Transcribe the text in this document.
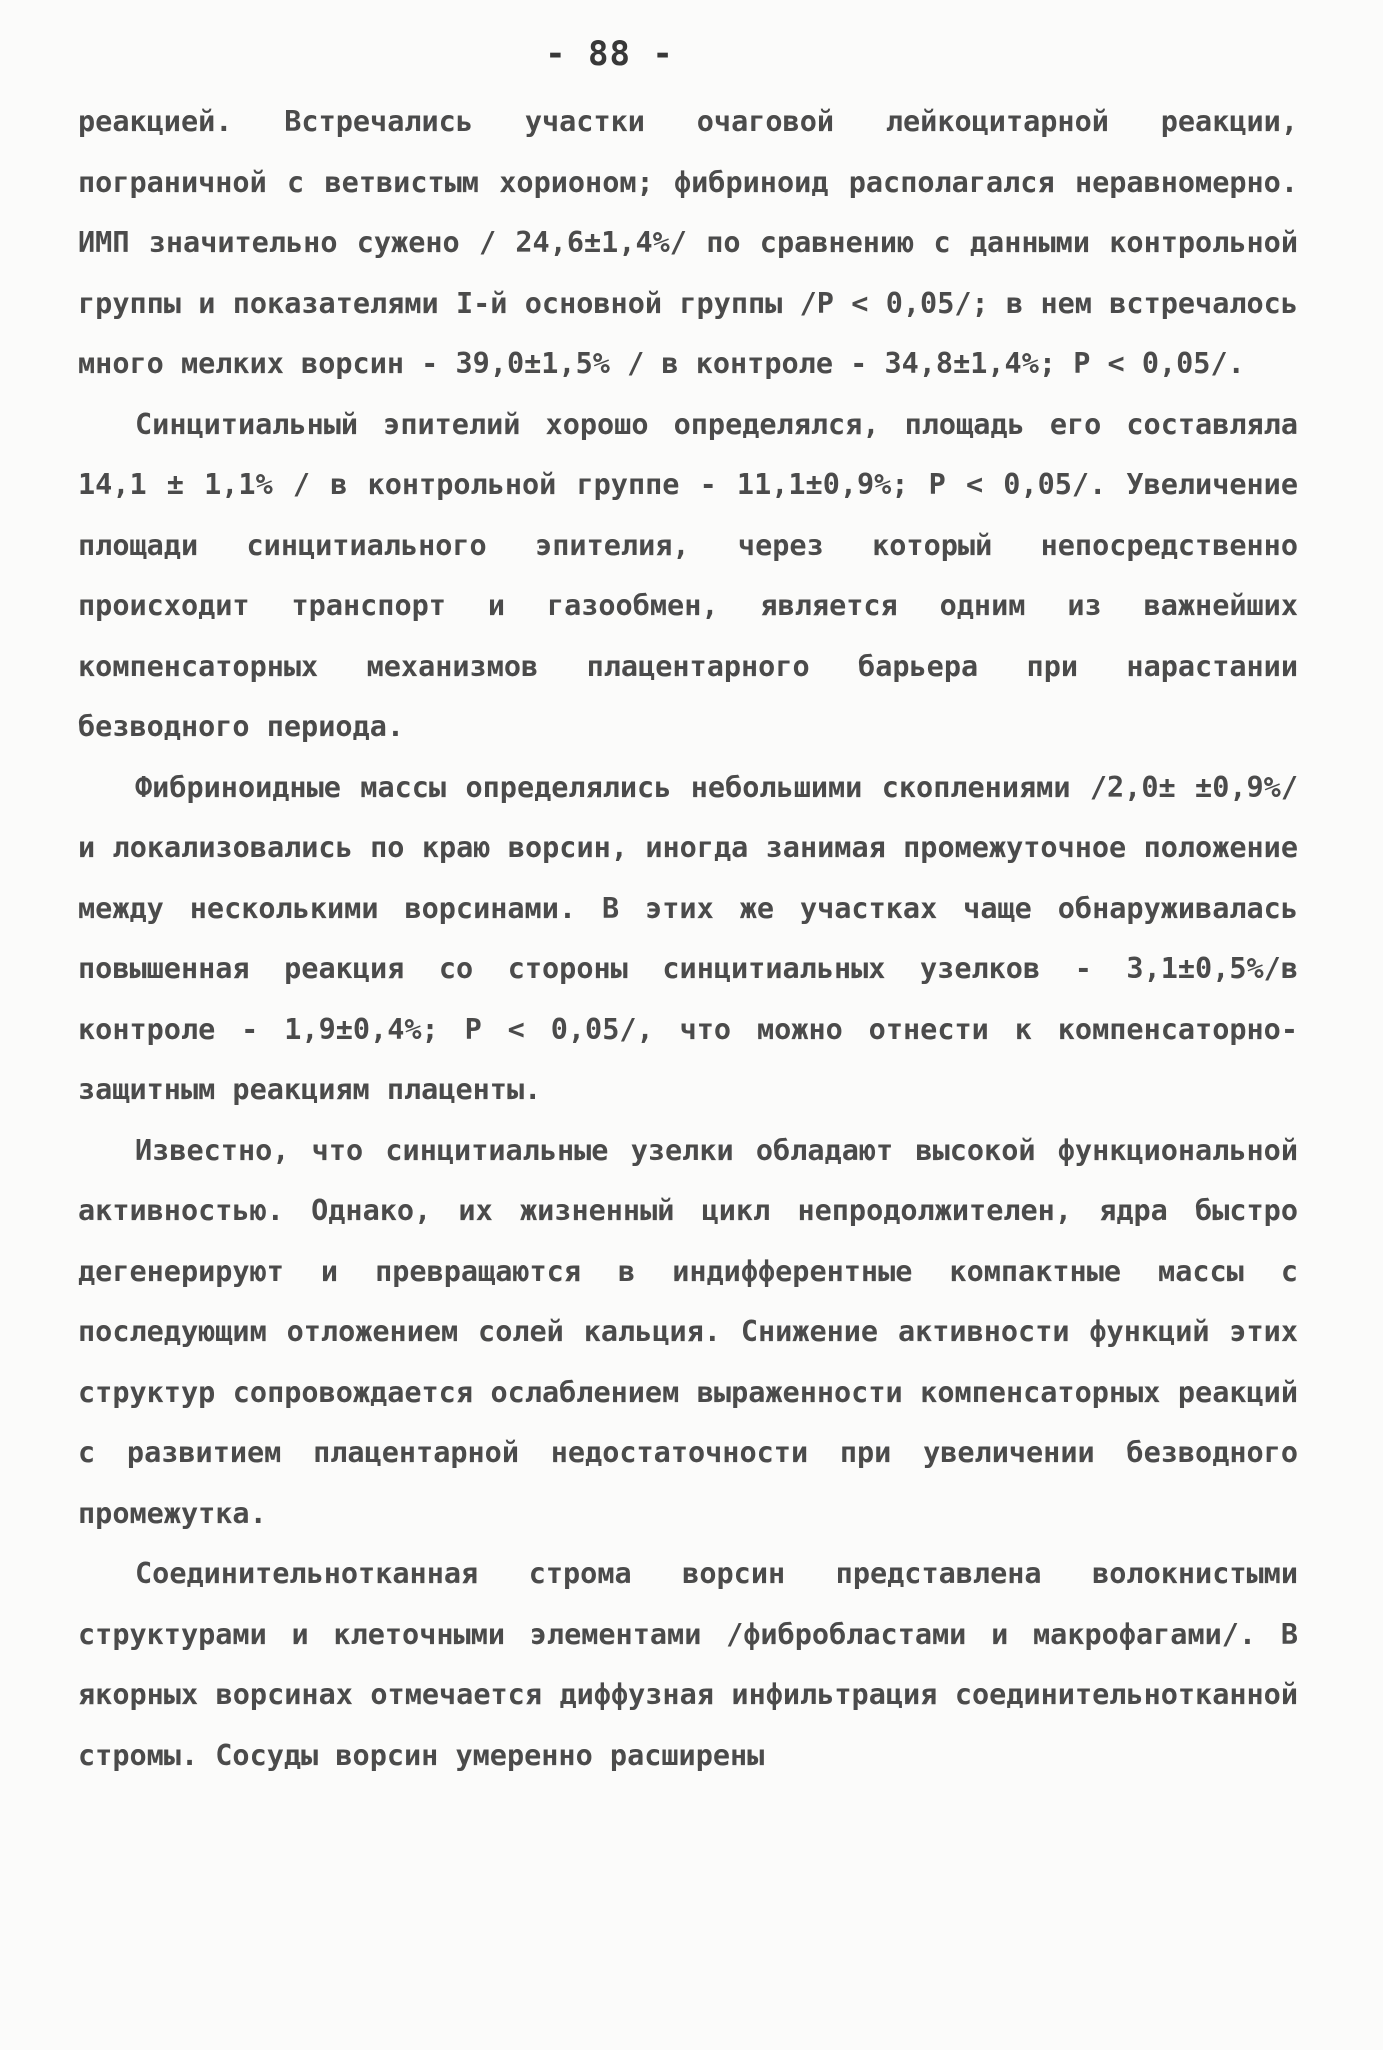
- 88 -

реакцией. Встречались участки очаговой лейкоцитарной реакции, пограничной с ветвистым хорионом; фибриноид располагался неравномерно. ИМП значительно сужено / 24,6±1,4%/ по сравнению с данными контрольной группы и показателями I-й основной группы /Р < 0,05/; в нем встречалось много мелких ворсин - 39,0±1,5% / в контроле - 34,8±1,4%; Р < 0,05/.

Синцитиальный эпителий хорошо определялся, площадь его составляла 14,1 ± 1,1% / в контрольной группе - 11,1±0,9%; Р < 0,05/. Увеличение площади синцитиального эпителия, через который непосредственно происходит транспорт и газообмен, является одним из важнейших компенсаторных механизмов плацентарного барьера при нарастании безводного периода.

Фибриноидные массы определялись небольшими скоплениями /2,0± ±0,9%/ и локализовались по краю ворсин, иногда занимая промежуточное положение между несколькими ворсинами. В этих же участках чаще обнаруживалась повышенная реакция со стороны синцитиальных узелков - 3,1±0,5%/в контроле - 1,9±0,4%; Р < 0,05/, что можно отнести к компенсаторно-защитным реакциям плаценты.

Известно, что синцитиальные узелки обладают высокой функциональной активностью. Однако, их жизненный цикл непродолжителен, ядра быстро дегенерируют и превращаются в индифферентные компактные массы с последующим отложением солей кальция. Снижение активности функций этих структур сопровождается ослаблением выраженности компенсаторных реакций с развитием плацентарной недостаточности при увеличении безводного промежутка.

Соединительнотканная строма ворсин представлена волокнистыми структурами и клеточными элементами /фибробластами и макрофагами/. В якорных ворсинах отмечается диффузная инфильтрация соединительнотканной стромы. Сосуды ворсин умеренно расширены
